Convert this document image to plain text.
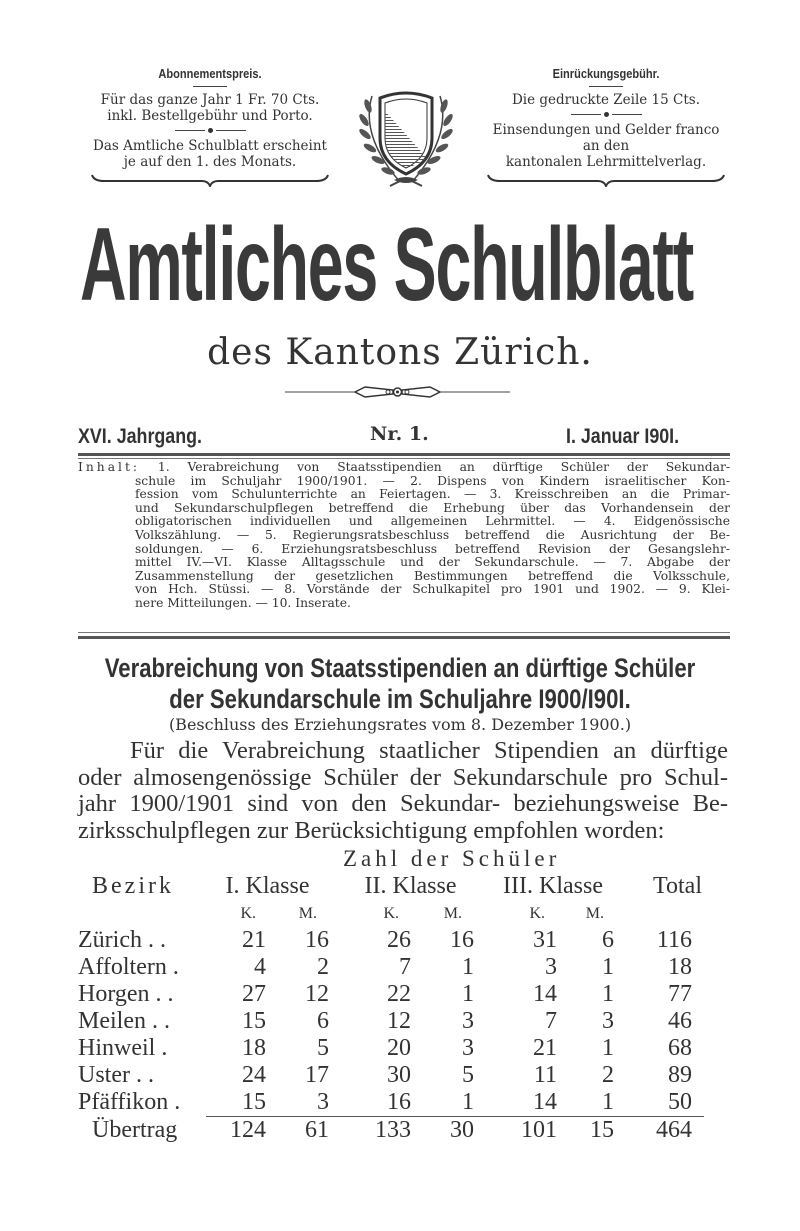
Abonnementspreis.
Für das ganze Jahr 1 Fr. 70 Cts.
inkl. Bestellgebühr und Porto.
Das Amtliche Schulblatt erscheint
je auf den 1. des Monats.
Einrückungsgebühr.
Die gedruckte Zeile 15 Cts.
Einsendungen und Gelder franco
an den
kantonalen Lehrmittelverlag.
Amtliches Schulblatt
des Kantons Zürich.
XVI. Jahrgang.	Nr. 1.	I. Januar I90I.
Inhalt: 1. Verabreichung von Staatsstipendien an dürftige Schüler der Sekundar-
schule im Schuljahr 1900/1901. — 2. Dispens von Kindern israelitischer Kon-
fession vom Schulunterrichte an Feiertagen. — 3. Kreisschreiben an die Primar-
und Sekundarschulpflegen betreffend die Erhebung über das Vorhandensein der
obligatorischen individuellen und allgemeinen Lehrmittel. — 4. Eidgenössische
Volkszählung. — 5. Regierungsratsbeschluss betreffend die Ausrichtung der Be-
soldungen. — 6. Erziehungsratsbeschluss betreffend Revision der Gesangslehr-
mittel IV.—VI. Klasse Alltagsschule und der Sekundarschule. — 7. Abgabe der
Zusammenstellung der gesetzlichen Bestimmungen betreffend die Volksschule,
von Hch. Stüssi. — 8. Vorstände der Schulkapitel pro 1901 und 1902. — 9. Klei-
nere Mitteilungen. — 10. Inserate.
Verabreichung von Staatsstipendien an dürftige Schüler
der Sekundarschule im Schuljahre I900/I90I.
(Beschluss des Erziehungsrates vom 8. Dezember 1900.)
Für die Verabreichung staatlicher Stipendien an dürftige
oder almosengenössige Schüler der Sekundarschule pro Schul-
jahr 1900/1901 sind von den Sekundar- beziehungsweise Be-
zirksschulpflegen zur Berücksichtigung empfohlen worden:
Zahl der Schüler
Bezirk	I. Klasse		II. Klasse		III. Klasse		Total
	K.	M.	K.	M.	K.	M.	
Zürich . .	21	16	26	16	31	6	116
Affoltern .	4	2	7	1	3	1	18
Horgen . .	27	12	22	1	14	1	77
Meilen . .	15	6	12	3	7	3	46
Hinweil .	18	5	20	3	21	1	68
Uster . .	24	17	30	5	11	2	89
Pfäffikon .	15	3	16	1	14	1	50
Übertrag	124	61	133	30	101	15	464
